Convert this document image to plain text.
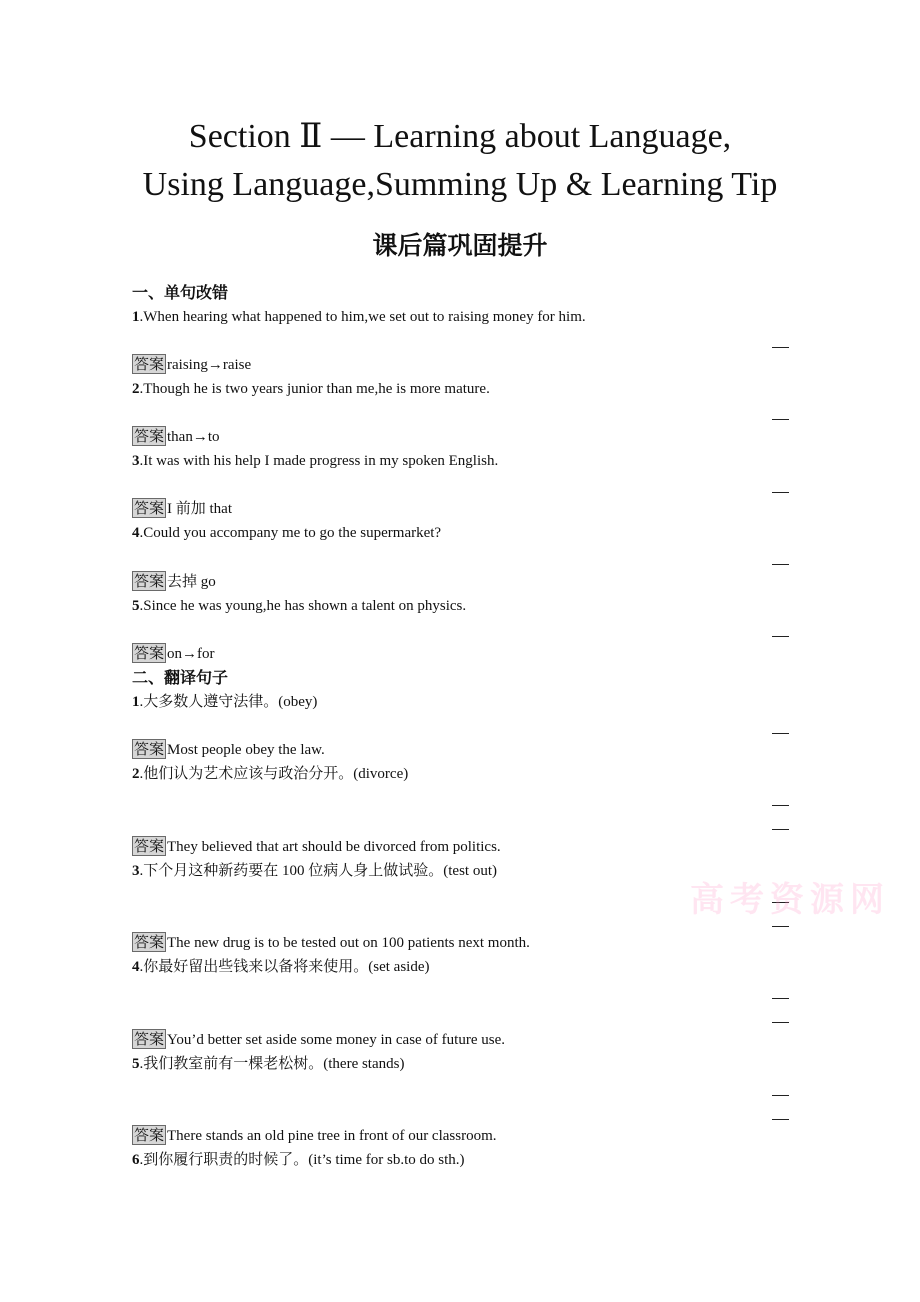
Section Ⅱ — Learning about Language,
Using Language,Summing Up & Learning Tip
课后篇巩固提升
一、单句改错
1.When hearing what happened to him,we set out to raising money for him.
答案 raising→raise
2.Though he is two years junior than me,he is more mature.
答案 than→to
3.It was with his help I made progress in my spoken English.
答案 I 前加 that
4.Could you accompany me to go the supermarket?
答案 去掉 go
5.Since he was young,he has shown a talent on physics.
答案 on→for
二、翻译句子
1.大多数人遵守法律。(obey)
答案 Most people obey the law.
2.他们认为艺术应该与政治分开。(divorce)
答案 They believed that art should be divorced from politics.
3.下个月这种新药要在 100 位病人身上做试验。(test out)
答案 The new drug is to be tested out on 100 patients next month.
4.你最好留出些钱来以备将来使用。(set aside)
答案 You’d better set aside some money in case of future use.
5.我们教室前有一棵老松树。(there stands)
答案 There stands an old pine tree in front of our classroom.
6.到你履行职责的时候了。(it’s time for sb.to do sth.)
高考资源网
